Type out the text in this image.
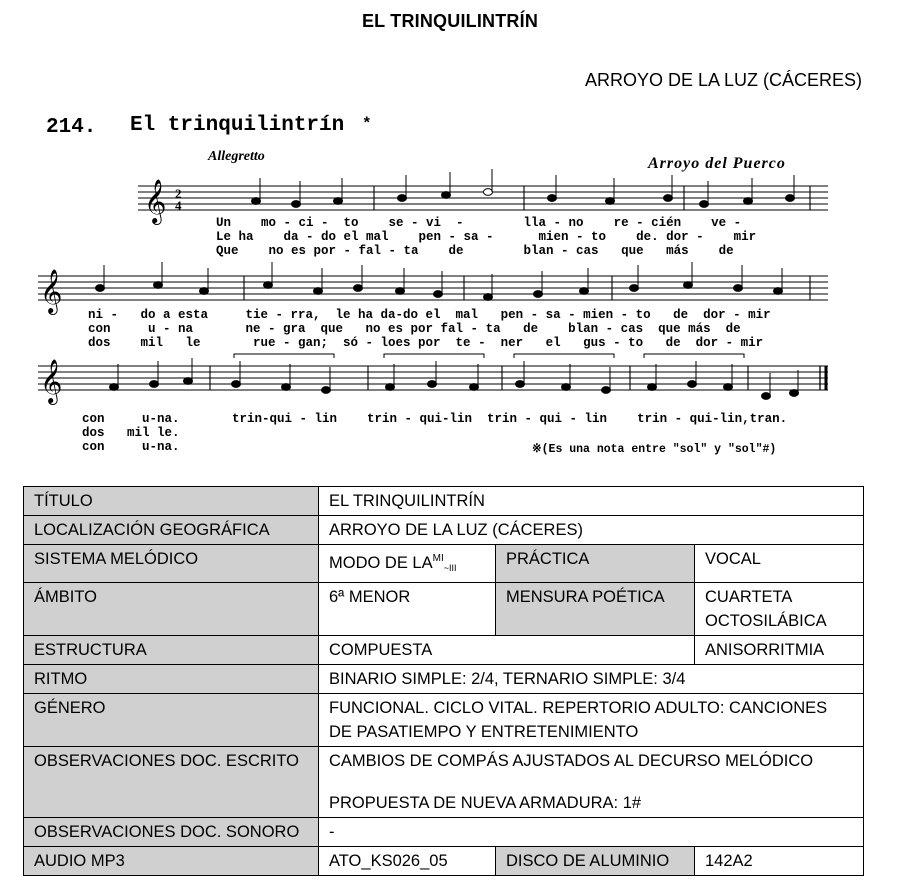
EL TRINQUILINTRÍN
ARROYO DE LA LUZ (CÁCERES)
214. El trinquilintrín *
Allegretto	Arroyo del Puerco
𝄞 2
4
Un    mo - ci -  to    se - vi  -        lla - no    re - cién    ve -
Le ha    da - do el mal    pen - sa -      mien - to    de. dor -    mir
Que    no es por - fal - ta    de        blan - cas   que   más    de
𝄞
ni -   do a esta     tie - rra,  le ha da-do el  mal   pen - sa - mien - to   de  dor - mir
con     u - na       ne - gra  que   no es por fal - ta   de    blan - cas  que más  de
dos    mil   le       rue - gan;  só - loes por  te -  ner   el   gus - to   de  dor - mir
𝄞
con     u-na.
dos   mil le.
con     u-na.
trin-qui - lin    trin - qui-lin  trin - qui - lin    trin - qui-lin,tran.
※(Es una nota entre "sol" y "sol"#)
TÍTULO	EL TRINQUILINTRÍN		
LOCALIZACIÓN GEOGRÁFICA	ARROYO DE LA LUZ (CÁCERES)		
SISTEMA MELÓDICO	MODO DE $LA^{MI}_{\sim III}$	PRÁCTICA	VOCAL
ÁMBITO	6ª MENOR	MENSURA POÉTICA	CUARTETA
OCTOSILÁBICA

ESTRUCTURA	COMPUESTA		ANISORRITMIA
RITMO	BINARIO SIMPLE: 2/4, TERNARIO SIMPLE: 3/4		
GÉNERO	FUNCIONAL. CICLO VITAL. REPERTORIO ADULTO: CANCIONES
DE PASATIEMPO Y ENTRETENIMIENTO		

OBSERVACIONES DOC. ESCRITO	CAMBIOS DE COMPÁS AJUSTADOS AL DECURSO MELÓDICO
PROPUESTA DE NUEVA ARMADURA: 1#		

OBSERVACIONES DOC. SONORO	-		
AUDIO MP3	ATO_KS026_05	DISCO DE ALUMINIO	142A2
